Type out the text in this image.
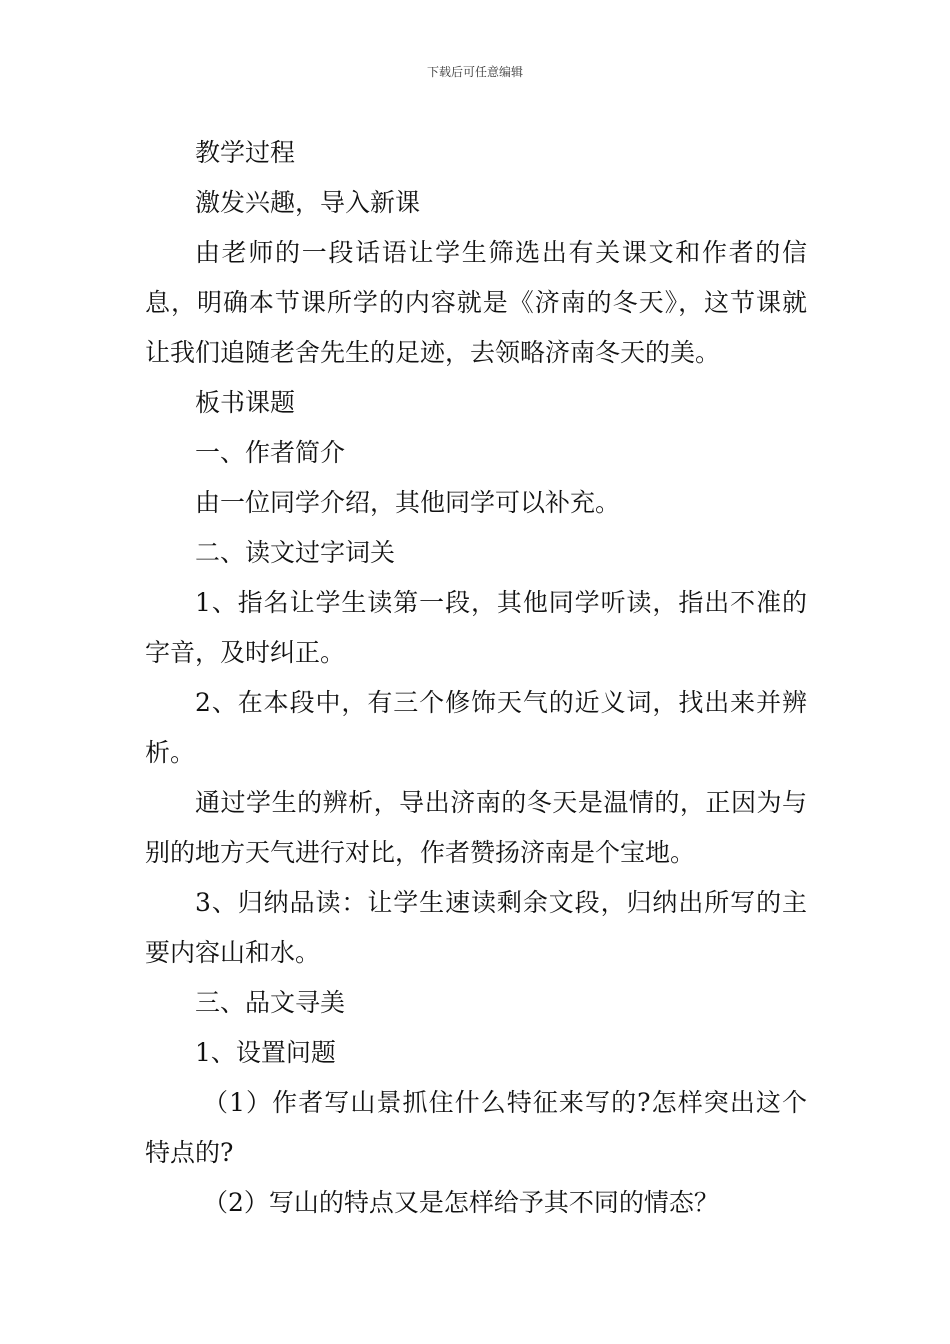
下载后可任意编辑

教学过程

激发兴趣，导入新课

由老师的一段话语让学生筛选出有关课文和作者的信息，明确本节课所学的内容就是《济南的冬天》，这节课就让我们追随老舍先生的足迹，去领略济南冬天的美。

板书课题

一、作者简介

由一位同学介绍，其他同学可以补充。

二、读文过字词关

1、指名让学生读第一段，其他同学听读，指出不准的字音，及时纠正。

2、在本段中，有三个修饰天气的近义词，找出来并辨析。

通过学生的辨析，导出济南的冬天是温情的，正因为与别的地方天气进行对比，作者赞扬济南是个宝地。

3、归纳品读：让学生速读剩余文段，归纳出所写的主要内容山和水。

三、品文寻美

1、设置问题

（1）作者写山景抓住什么特征来写的?怎样突出这个特点的?

（2）写山的特点又是怎样给予其不同的情态？
